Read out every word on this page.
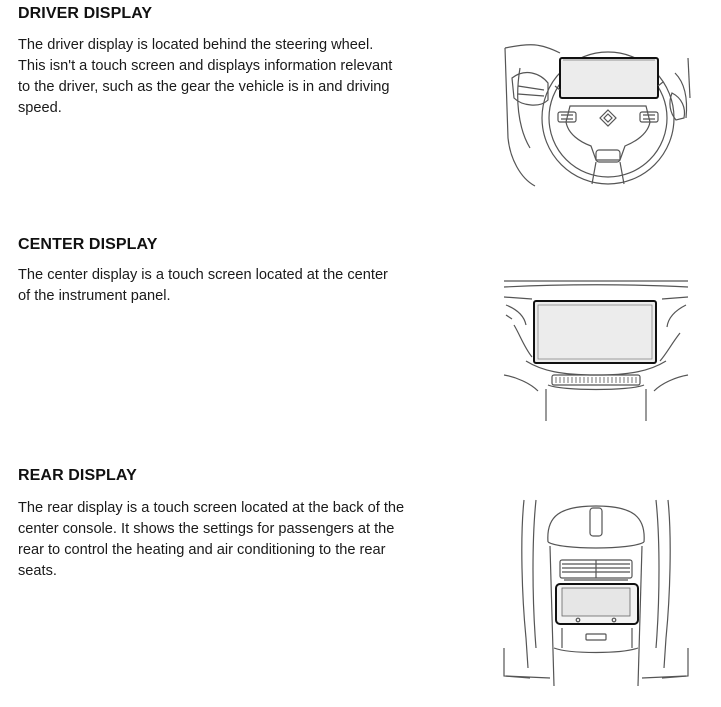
DRIVER DISPLAY

The driver display is located behind the steering wheel. This isn't a touch screen and displays information relevant to the driver, such as the gear the vehicle is in and driving speed.

CENTER DISPLAY

The center display is a touch screen located at the center of the instrument panel.

REAR DISPLAY

The rear display is a touch screen located at the back of the center console. It shows the settings for passengers at the rear to control the heating and air conditioning to the rear seats.
